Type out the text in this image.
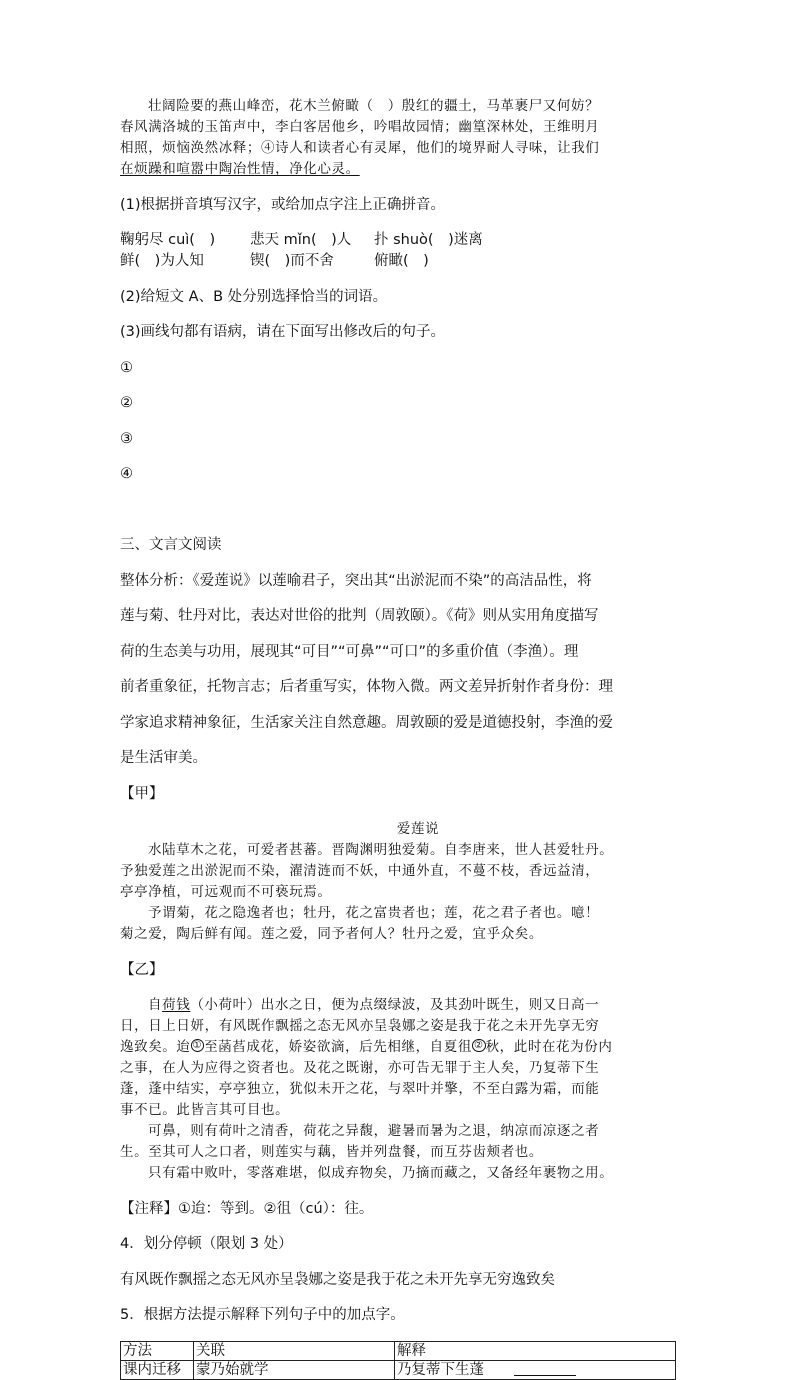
壮阔险要的燕山峰峦，花木兰俯瞰（　）殷红的疆土，马革裹尸又何妨？

春风满洛城的玉笛声中，李白客居他乡，吟唱故园情；幽篁深林处，王维明月

相照，烦恼涣然冰释；④诗人和读者心有灵犀，他们的境界耐人寻味，让我们

在烦躁和喧嚣中陶冶性情，净化心灵。

(1)根据拼音填写汉字，或给加点字注上正确拼音。

鞠躬尽 cuì(　)	悲天 mǐn(　)人	扑 shuò(　)迷离
鲜(　)为人知	锲(　)而不舍	俯瞰(　)

(2)给短文 A、B 处分别选择恰当的词语。

(3)画线句都有语病，请在下面写出修改后的句子。

①

②

③

④

三、文言文阅读

整体分析：《爱莲说》以莲喻君子，突出其“出淤泥而不染”的高洁品性，将

莲与菊、牡丹对比，表达对世俗的批判（周敦颐）。《荷》则从实用角度描写

荷的生态美与功用，展现其“可目”“可鼻”“可口”的多重价值（李渔）。理

前者重象征，托物言志；后者重写实，体物入微。两文差异折射作者身份：理

学家追求精神象征，生活家关注自然意趣。周敦颐的爱是道德投射，李渔的爱

是生活审美。

【甲】

爱莲说

水陆草木之花，可爱者甚蕃。晋陶渊明独爱菊。自李唐来，世人甚爱牡丹。

予独爱莲之出淤泥而不染，濯清涟而不妖，中通外直，不蔓不枝，香远益清，

亭亭净植，可远观而不可亵玩焉。

予谓菊，花之隐逸者也；牡丹，花之富贵者也；莲，花之君子者也。噫！

菊之爱，陶后鲜有闻。莲之爱，同予者何人？牡丹之爱，宜乎众矣。

【乙】

自荷钱（小荷叶）出水之日，便为点缀绿波，及其劲叶既生，则又日高一

日，日上日妍，有风既作飘摇之态无风亦呈袅娜之姿是我于花之未开先享无穷

逸致矣。迨 ① 至菡萏成花，娇姿欲滴，后先相继，自夏徂 ② 秋，此时在花为份内

之事，在人为应得之资者也。及花之既谢，亦可告无罪于主人矣，乃复蒂下生

蓬，蓬中结实，亭亭独立，犹似未开之花，与翠叶并擎，不至白露为霜，而能

事不已。此皆言其可目也。

可鼻，则有荷叶之清香，荷花之异馥，避暑而暑为之退，纳凉而凉逐之者

生。至其可人之口者，则莲实与藕，皆并列盘餐，而互芬齿颊者也。

只有霜中败叶，零落难堪，似成弃物矣，乃摘而藏之，又备经年裹物之用。

【注释】①迨：等到。②徂（cú）：往。

4．划分停顿（限划 3 处）

有风既作飘摇之态无风亦呈袅娜之姿是我于花之未开先享无穷逸致矣

5．根据方法提示解释下列句子中的加点字。

方法	关联	解释
课内迁移	蒙乃始就学	乃复蒂下生蓬
